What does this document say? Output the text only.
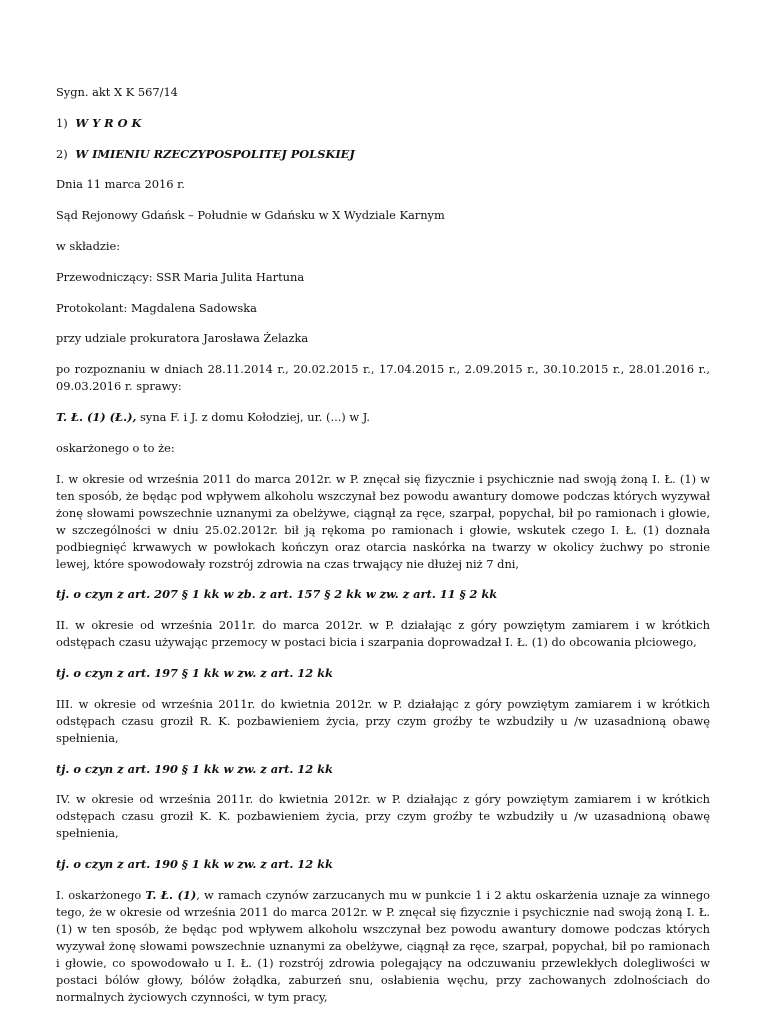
Sygn. akt X K 567/14

1) W Y R O K

2) W IMIENIU RZECZYPOSPOLITEJ POLSKIEJ

Dnia 11 marca 2016 r.

Sąd Rejonowy Gdańsk – Południe w Gdańsku w X Wydziale Karnym

w składzie:

Przewodniczący: SSR Maria Julita Hartuna

Protokolant: Magdalena Sadowska

przy udziale prokuratora Jarosława Żelazka

po rozpoznaniu w dniach 28.11.2014 r., 20.02.2015 r., 17.04.2015 r., 2.09.2015 r., 30.10.2015 r., 28.01.2016 r., 09.03.2016 r. sprawy:

T. Ł. (1) (Ł.), syna F. i J. z domu Kołodziej, ur. (...) w J.

oskarżonego o to że:

I. w okresie od września 2011 do marca 2012r. w P. znęcał się fizycznie i psychicznie nad swoją żoną I. Ł. (1) w ten sposób, że będąc pod wpływem alkoholu wszczynał bez powodu awantury domowe podczas których wyzywał żonę słowami powszechnie uznanymi za obelżywe, ciągnął za ręce, szarpał, popychał, bił po ramionach i głowie, w szczególności w dniu 25.02.2012r. bił ją rękoma po ramionach i głowie, wskutek czego I. Ł. (1) doznała podbiegnięć krwawych w powłokach kończyn oraz otarcia naskórka na twarzy w okolicy żuchwy po stronie lewej, które spowodowały rozstrój zdrowia na czas trwający nie dłużej niż 7 dni,

tj. o czyn z art. 207 § 1 kk w zb. z art. 157 § 2 kk w zw. z art. 11 § 2 kk

II. w okresie od września 2011r. do marca 2012r. w P. działając z góry powziętym zamiarem i w krótkich odstępach czasu używając przemocy w postaci bicia i szarpania doprowadzał I. Ł. (1) do obcowania płciowego,

tj. o czyn z art. 197 § 1 kk w zw. z art. 12 kk

III. w okresie od września 2011r. do kwietnia 2012r. w P. działając z góry powziętym zamiarem i w krótkich odstępach czasu groził R. K. pozbawieniem życia, przy czym groźby te wzbudziły u /w uzasadnioną obawę spełnienia,

tj. o czyn z art. 190 § 1 kk w zw. z art. 12 kk

IV. w okresie od września 2011r. do kwietnia 2012r. w P. działając z góry powziętym zamiarem i w krótkich odstępach czasu groził K. K. pozbawieniem życia, przy czym groźby te wzbudziły u /w uzasadnioną obawę spełnienia,

tj. o czyn z art. 190 § 1 kk w zw. z art. 12 kk

I. oskarżonego T. Ł. (1), w ramach czynów zarzucanych mu w punkcie 1 i 2 aktu oskarżenia uznaje za winnego tego, że w okresie od września 2011 do marca 2012r. w P. znęcał się fizycznie i psychicznie nad swoją żoną I. Ł. (1) w ten sposób, że będąc pod wpływem alkoholu wszczynał bez powodu awantury domowe podczas których wyzywał żonę słowami powszechnie uznanymi za obelżywe, ciągnął za ręce, szarpał, popychał, bił po ramionach i głowie, co spowodowało u I. Ł. (1) rozstrój zdrowia polegający na odczuwaniu przewlekłych dolegliwości w postaci bólów głowy, bólów żołądka, zaburzeń snu, osłabienia węchu, przy zachowanych zdolnościach do normalnych życiowych czynności, w tym pracy,
